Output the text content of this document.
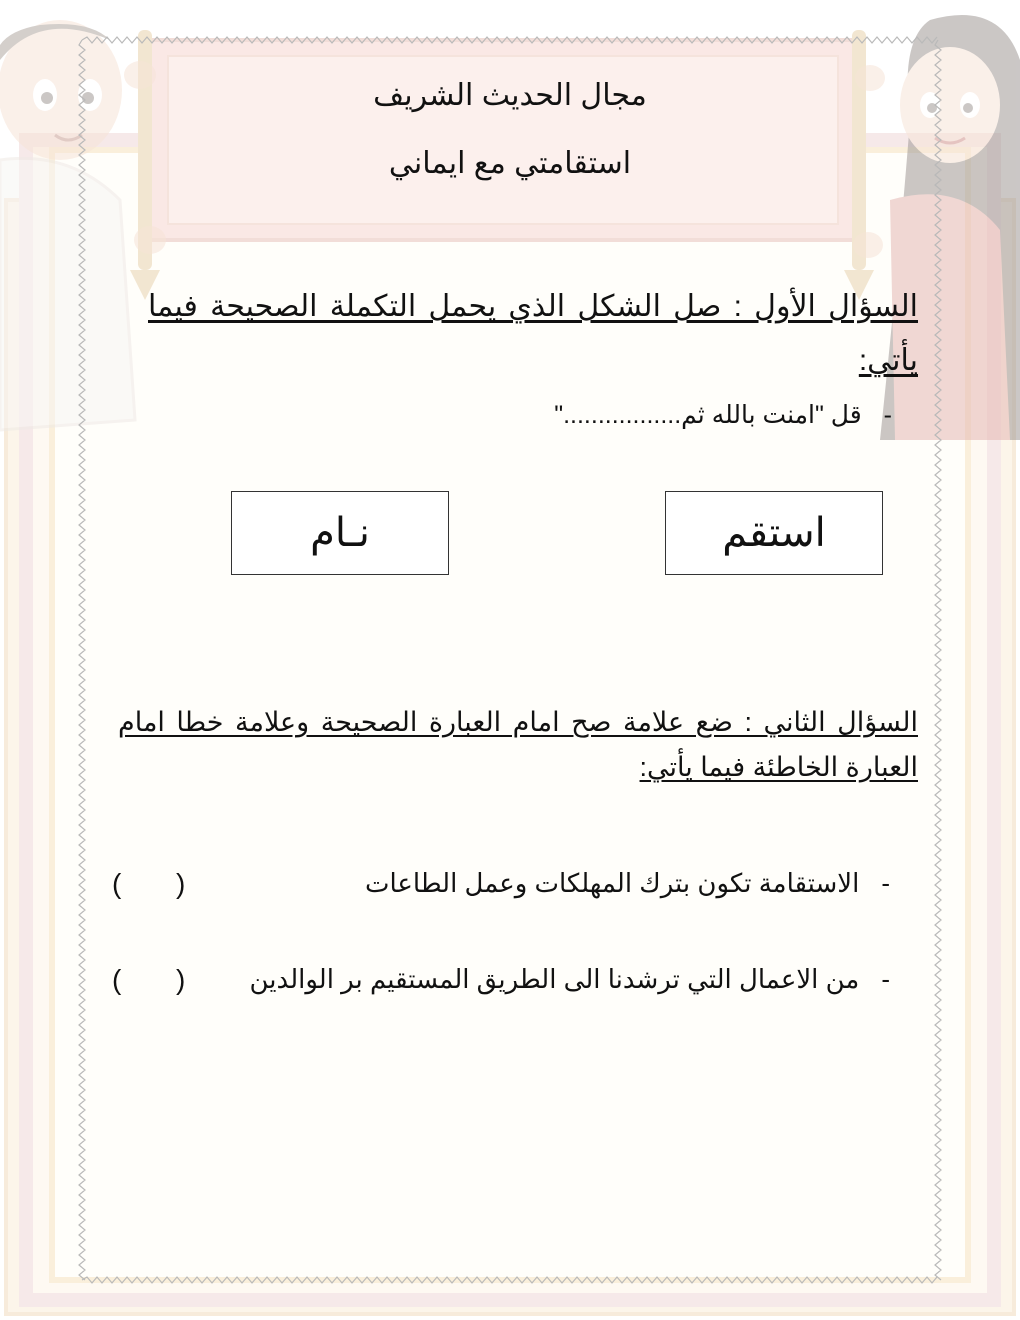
مجال الحديث الشريف
استقامتي مع ايماني
السؤال الأول : صل الشكل الذي يحمل التكملة الصحيحة فيما يأتي:
-قل "امنت بالله ثم................."
استقم
نـام
السؤال الثاني : ضع علامة صح امام العبارة الصحيحة وعلامة خطا امام العبارة الخاطئة فيما يأتي:
-الاستقامة تكون بترك المهلكات وعمل الطاعات
(
)
-من الاعمال التي ترشدنا الى الطريق المستقيم بر الوالدين
(
)
